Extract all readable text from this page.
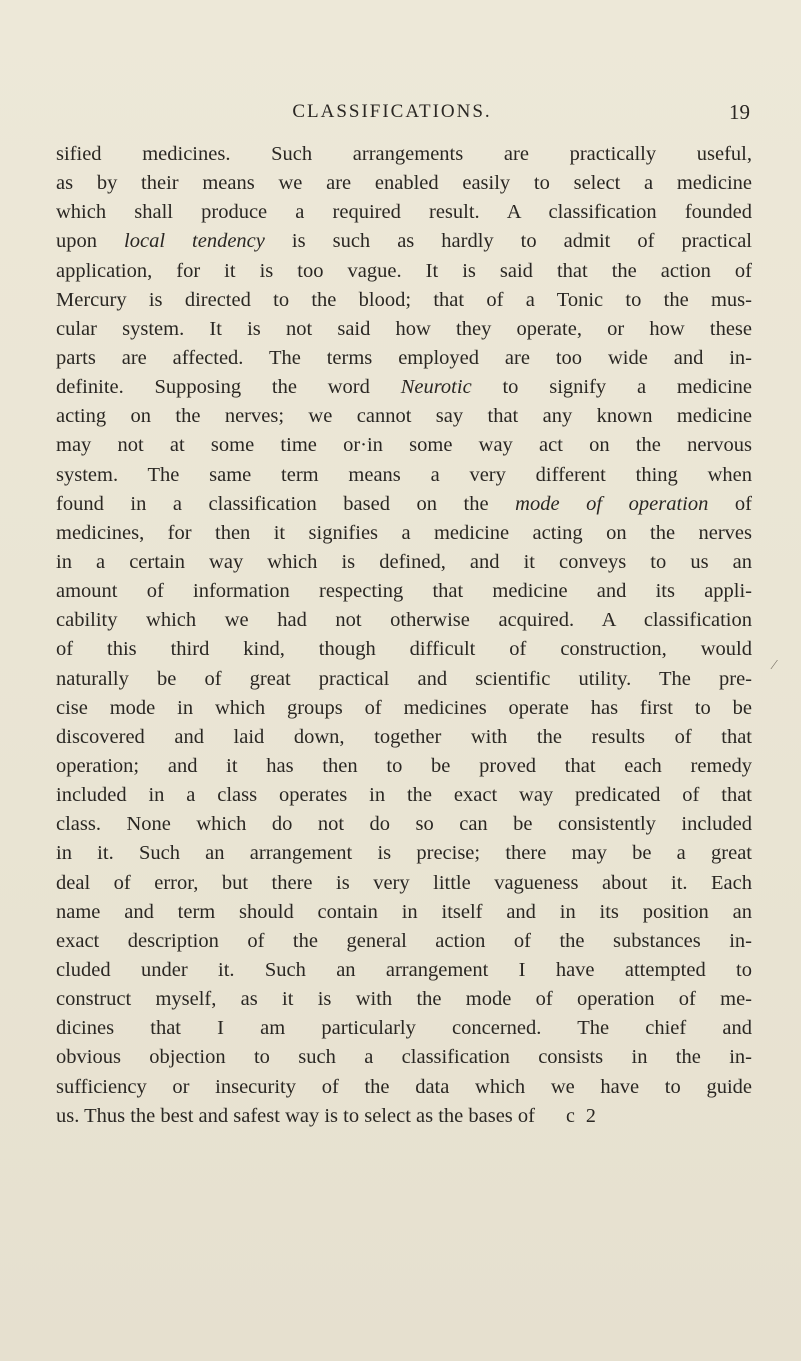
CLASSIFICATIONS.	19
sified medicines. Such arrangements are practically useful,
as by their means we are enabled easily to select a medicine
which shall produce a required result. A classification founded
upon local tendency is such as hardly to admit of practical
application, for it is too vague. It is said that the action of
Mercury is directed to the blood; that of a Tonic to the mus-
cular system. It is not said how they operate, or how these
parts are affected. The terms employed are too wide and in-
definite. Supposing the word Neurotic to signify a medicine
acting on the nerves; we cannot say that any known medicine
may not at some time or·in some way act on the nervous
system. The same term means a very different thing when
found in a classification based on the mode of operation of
medicines, for then it signifies a medicine acting on the nerves
in a certain way which is defined, and it conveys to us an
amount of information respecting that medicine and its appli-
cability which we had not otherwise acquired. A classification
of this third kind, though difficult of construction, would
naturally be of great practical and scientific utility. The pre-
cise mode in which groups of medicines operate has first to be
discovered and laid down, together with the results of that
operation; and it has then to be proved that each remedy
included in a class operates in the exact way predicated of that
class. None which do not do so can be consistently included
in it. Such an arrangement is precise; there may be a great
deal of error, but there is very little vagueness about it. Each
name and term should contain in itself and in its position an
exact description of the general action of the substances in-
cluded under it. Such an arrangement I have attempted to
construct myself, as it is with the mode of operation of me-
dicines that I am particularly concerned. The chief and
obvious objection to such a classification consists in the in-
sufficiency or insecurity of the data which we have to guide
us. Thus the best and safest way is to select as the bases of	c 2
⁄
